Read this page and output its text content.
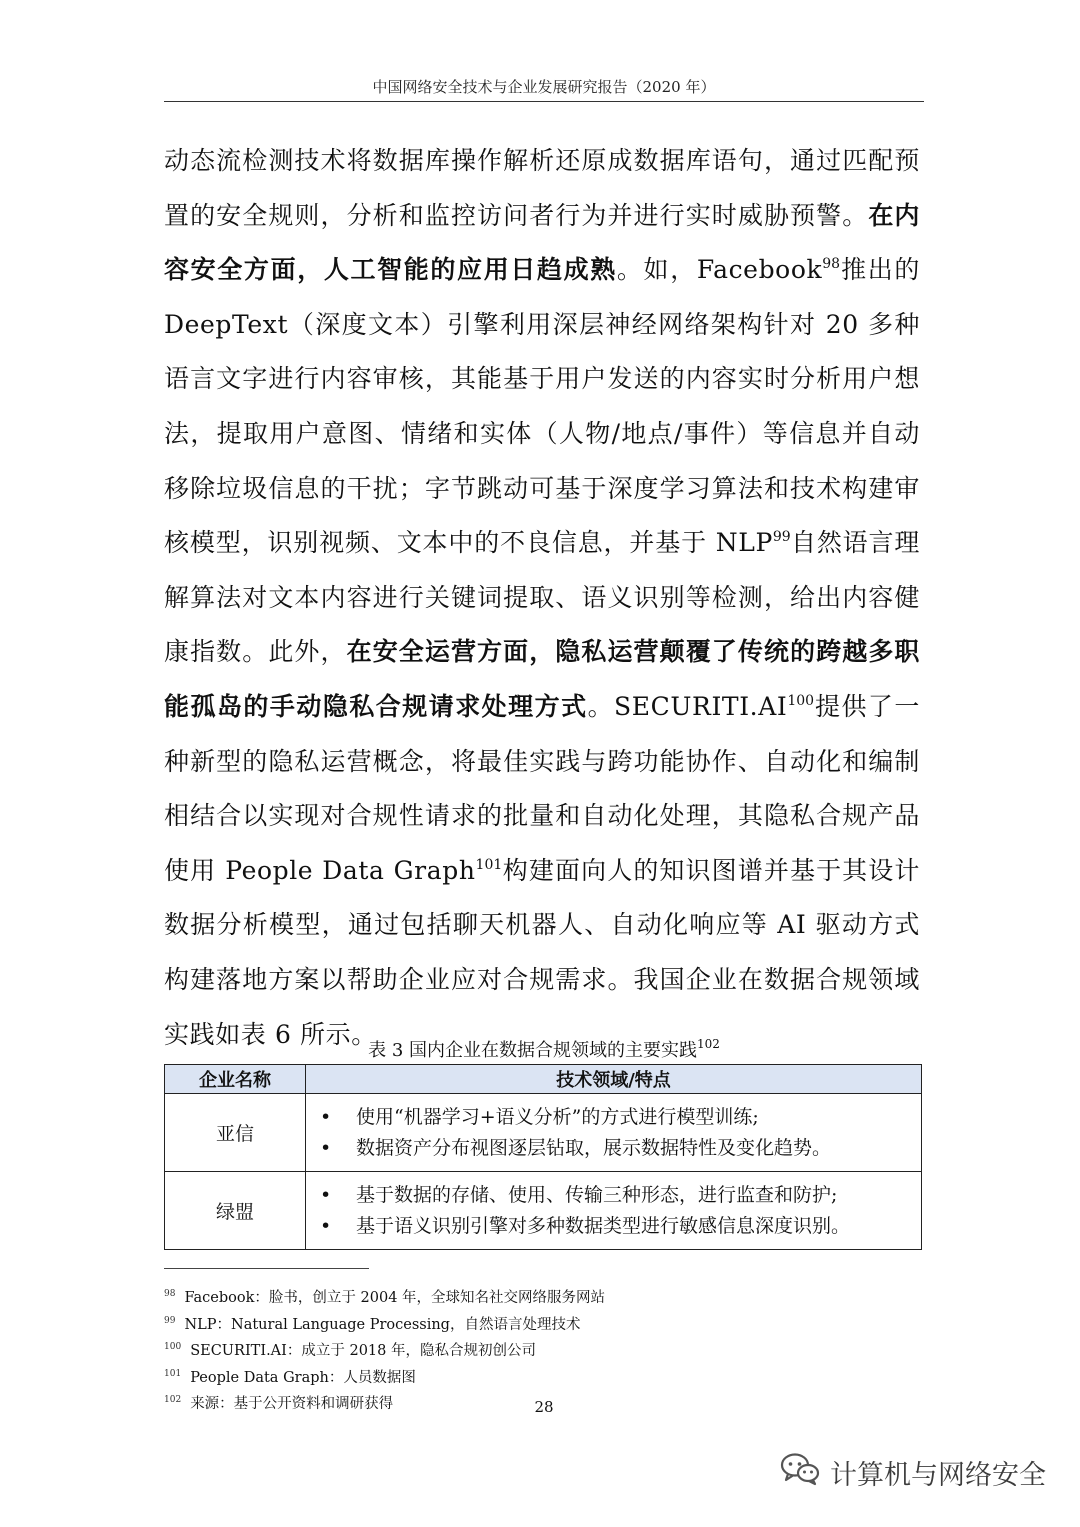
中国网络安全技术与企业发展研究报告（2020 年）
动态流检测技术将数据库操作解析还原成数据库语句，通过匹配预置的安全规则，分析和监控访问者行为并进行实时威胁预警。在内容安全方面，人工智能的应用日趋成熟。如，Facebook$^{98}$推出的 DeepText（深度文本）引擎利用深层神经网络架构针对 20 多种语言文字进行内容审核，其能基于用户发送的内容实时分析用户想法，提取用户意图、情绪和实体（人物/地点/事件）等信息并自动移除垃圾信息的干扰；字节跳动可基于深度学习算法和技术构建审核模型，识别视频、文本中的不良信息，并基于 NLP$^{99}$自然语言理解算法对文本内容进行关键词提取、语义识别等检测，给出内容健康指数。此外，在安全运营方面，隐私运营颠覆了传统的跨越多职能孤岛的手动隐私合规请求处理方式。SECURITI.AI$^{100}$提供了一种新型的隐私运营概念，将最佳实践与跨功能协作、自动化和编制相结合以实现对合规性请求的批量和自动化处理，其隐私合规产品使用 People Data Graph$^{101}$构建面向人的知识图谱并基于其设计数据分析模型，通过包括聊天机器人、自动化响应等 AI 驱动方式构建落地方案以帮助企业应对合规需求。我国企业在数据合规领域实践如表 6 所示。
表 3 国内企业在数据合规领域的主要实践$^{102}$
企业名称	技术领域/特点
亚信	• 使用“机器学习+语义分析”的方式进行模型训练;
• 数据资产分布视图逐层钻取，展示数据特性及变化趋势。

绿盟	• 基于数据的存储、使用、传输三种形态，进行监查和防护;
• 基于语义识别引擎对多种数据类型进行敏感信息深度识别。
$^{98}$ Facebook：脸书，创立于 2004 年，全球知名社交网络服务网站
$^{99}$ NLP：Natural Language Processing，自然语言处理技术
$^{100}$ SECURITI.AI：成立于 2018 年，隐私合规初创公司
$^{101}$ People Data Graph：人员数据图
$^{102}$ 来源：基于公开资料和调研获得	28
计算机与网络安全
